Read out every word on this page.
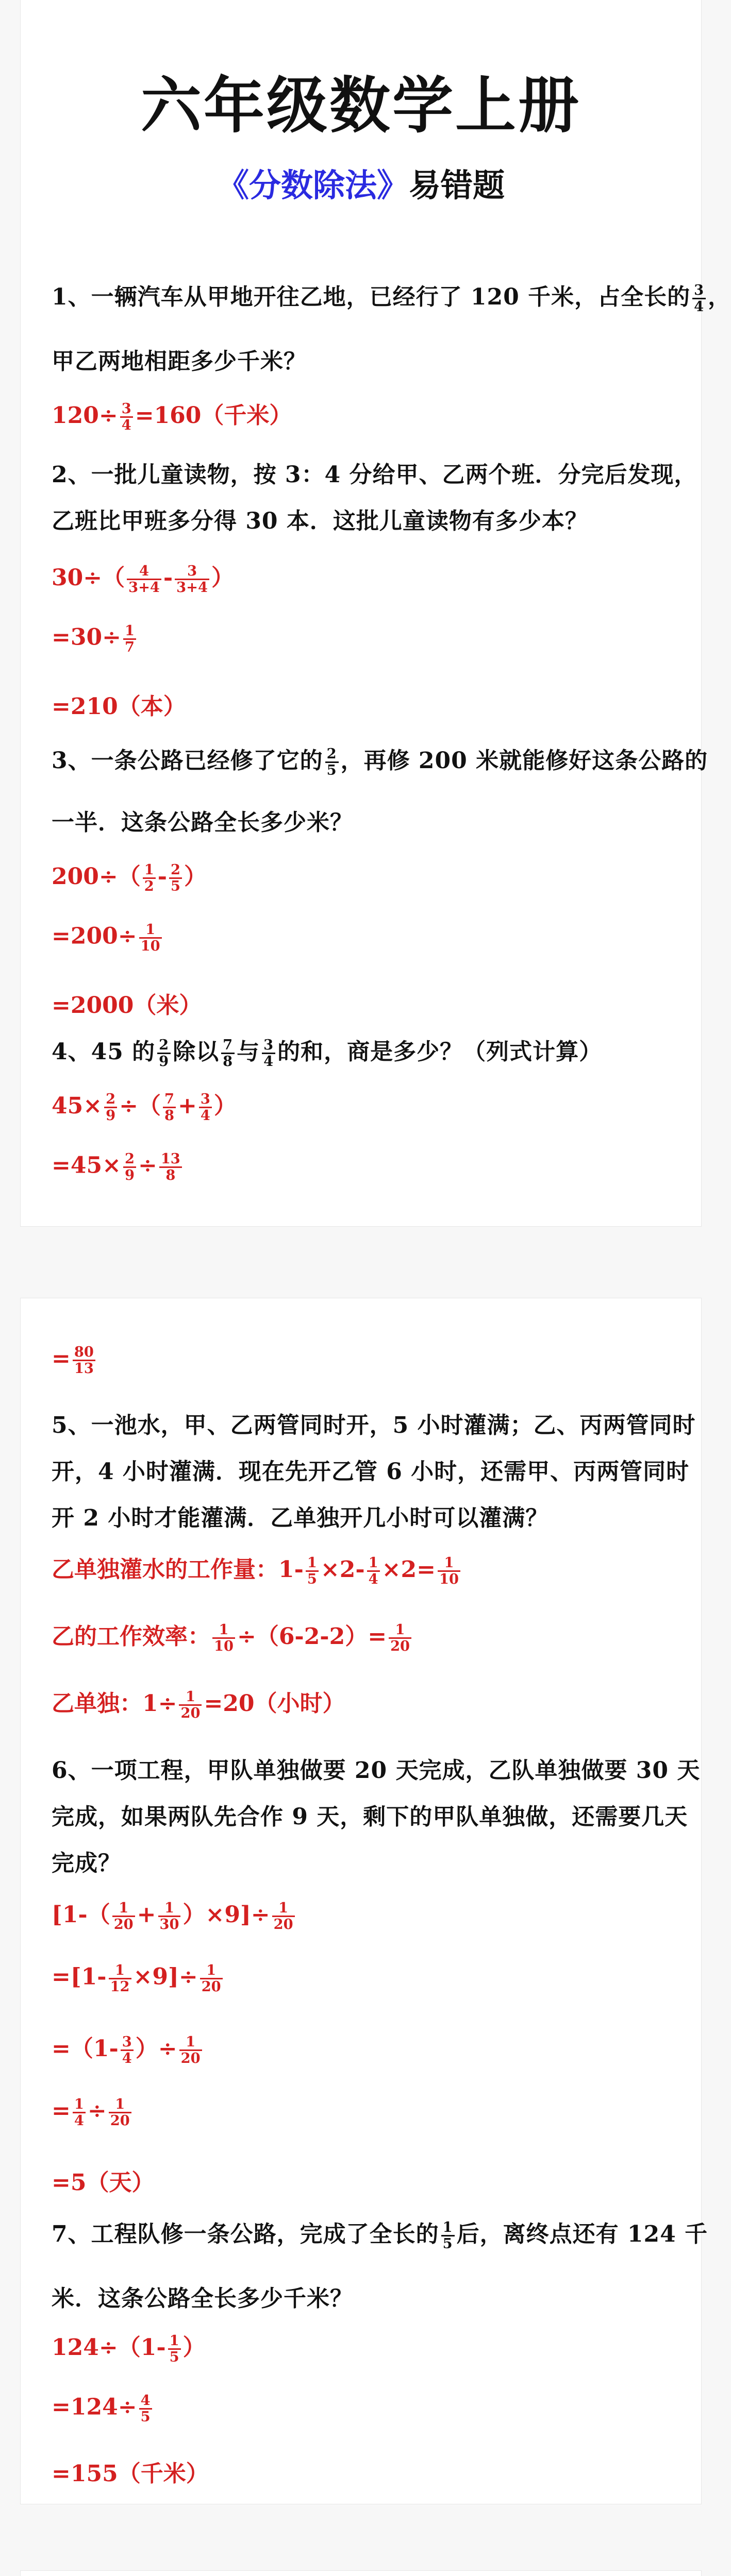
六年级数学上册
《分数除法》易错题
1、一辆汽车从甲地开往乙地，已经行了 120 千米，占全长的 $\frac{3}{4}$ ，
甲乙两地相距多少千米？
$120\div \frac{3}{4} =160$（千米）
2、一批儿童读物，按 3：4 分给甲、乙两个班．分完后发现，
乙班比甲班多分得 30 本．这批儿童读物有多少本？
$30\div( \frac{4}{3+4} - \frac{3}{3+4}$ ）
$=30\div \frac{1}{7}$
=210（本）
3、一条公路已经修了它的 $\frac{2}{5}$ ，再修 200 米就能修好这条公路的
一半．这条公路全长多少米？
$200\div( \frac{1}{2} - \frac{2}{5}$ ）
$=200\div \frac{1}{10}$
=2000（米）
4、45 的 $\frac{2}{9}$ 除以 $\frac{7}{8}$ 与 $\frac{3}{4}$ 的和，商是多少？（列式计算）
$45\times \frac{2}{9}$ ÷（ $\frac{7}{8} + \frac{3}{4}$ ）
$=45\times \frac{2}{9} \div \frac{13}{8}$
= $\frac{80}{13}$
5、一池水，甲、乙两管同时开，5 小时灌满；乙、丙两管同时
开，4 小时灌满．现在先开乙管 6 小时，还需甲、丙两管同时
开 2 小时才能灌满．乙单独开几小时可以灌满？
乙单独灌水的工作量：$1- \frac{1}{5} \times 2- \frac{1}{4} \times 2= \frac{1}{10}$
乙的工作效率： $\frac{1}{10} \div(6-2-2)= \frac{1}{20}$
乙单独：$1\div \frac{1}{20} =20$（小时）
6、一项工程，甲队单独做要 20 天完成，乙队单独做要 30 天
完成，如果两队先合作 9 天，剩下的甲队单独做，还需要几天
完成？
$[1-( \frac{1}{20} + \frac{1}{30} )\times 9]\div \frac{1}{20}$
$=[1- \frac{1}{12} \times 9]\div \frac{1}{20}$
$=(1- \frac{3}{4}$ ）÷ $\frac{1}{20}$
= $\frac{1}{4} \div \frac{1}{20}$
=5（天）
7、工程队修一条公路，完成了全长的 $\frac{1}{5}$ 后，离终点还有 124 千
米．这条公路全长多少千米？
$124\div(1- \frac{1}{5}$ ）
$=124\div \frac{4}{5}$
=155（千米）
